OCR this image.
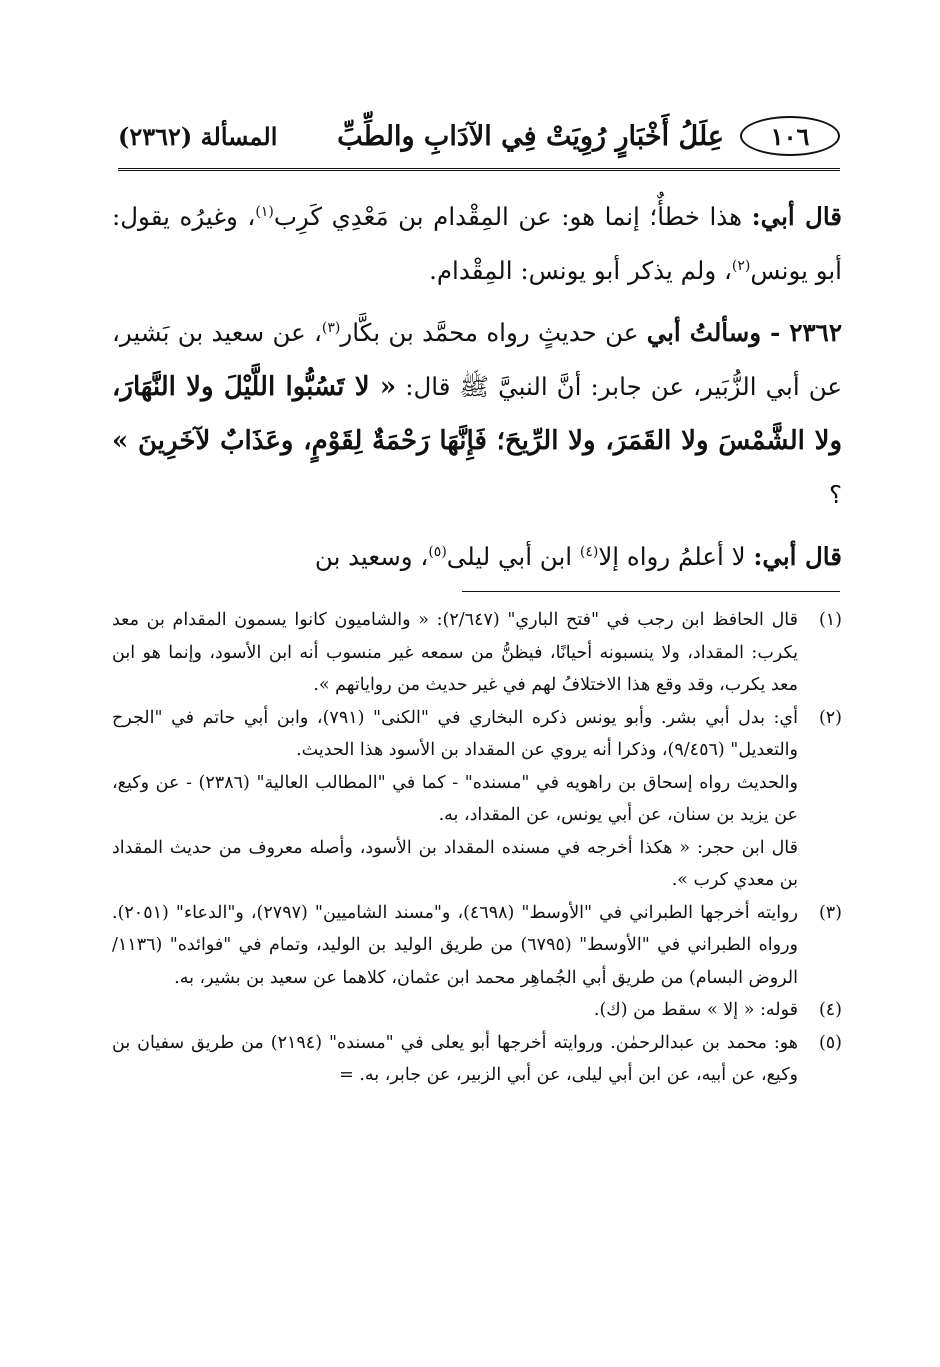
١٠٦
عِلَلُ أَخْبَارٍ رُوِيَتْ فِي الآدَابِ والطِّبِّ
المسألة (٢٣٦٢)

قال أبي: هذا خطأٌ؛ إنما هو: عن المِقْدام بن مَعْدِي كَرِب$^{(١)}$، وغيرُه يقول: أبو يونس$^{(٢)}$، ولم يذكر أبو يونس: المِقْدام.

٢٣٦٢ - وسألتُ أبي عن حديثٍ رواه محمَّد بن بكَّار$^{(٣)}$، عن سعيد بن بَشير، عن أبي الزُّبَير، عن جابر: أنَّ النبيَّ ﷺ قال: « لا تَسُبُّوا اللَّيْلَ ولا النَّهَارَ، ولا الشَّمْسَ ولا القَمَرَ، ولا الرِّيحَ؛ فَإِنَّهَا رَحْمَةٌ لِقَوْمٍ، وعَذَابٌ لآخَرِينَ » ؟

قال أبي: لا أعلمُ رواه إلا$^{(٤)}$ ابن أبي ليلى$^{(٥)}$، وسعيد بن

(١)

قال الحافظ ابن رجب في "فتح الباري" (٢/٦٤٧): « والشاميون كانوا يسمون المقدام بن معد يكرب: المقداد، ولا ينسبونه أحيانًا، فيظنُّ من سمعه غير منسوب أنه ابن الأسود، وإنما هو ابن معد يكرب، وقد وقع هذا الاختلافُ لهم في غير حديث من رواياتهم ».

(٢)

أي: بدل أبي بشر. وأبو يونس ذكره البخاري في "الكنى" (٧٩١)، وابن أبي حاتم في "الجرح والتعديل" (٩/٤٥٦)، وذكرا أنه يروي عن المقداد بن الأسود هذا الحديث.

والحديث رواه إسحاق بن راهويه في "مسنده" - كما في "المطالب العالية" (٢٣٨٦) - عن وكيع، عن يزيد بن سنان، عن أبي يونس، عن المقداد، به.

قال ابن حجر: « هكذا أخرجه في مسنده المقداد بن الأسود، وأصله معروف من حديث المقداد بن معدي كرب ».

(٣)

روايته أخرجها الطبراني في "الأوسط" (٤٦٩٨)، و"مسند الشاميين" (٢٧٩٧)، و"الدعاء" (٢٠٥١). ورواه الطبراني في "الأوسط" (٦٧٩٥) من طريق الوليد بن الوليد، وتمام في "فوائده" (١١٣٦/الروض البسام) من طريق أبي الجُماهِر محمد ابن عثمان، كلاهما عن سعيد بن بشير، به.

(٤)

قوله: « إلا » سقط من (ك).

(٥)

هو: محمد بن عبدالرحمٰن. وروايته أخرجها أبو يعلى في "مسنده" (٢١٩٤) من طريق سفيان بن وكيع، عن أبيه، عن ابن أبي ليلى، عن أبي الزبير، عن جابر، به. =
